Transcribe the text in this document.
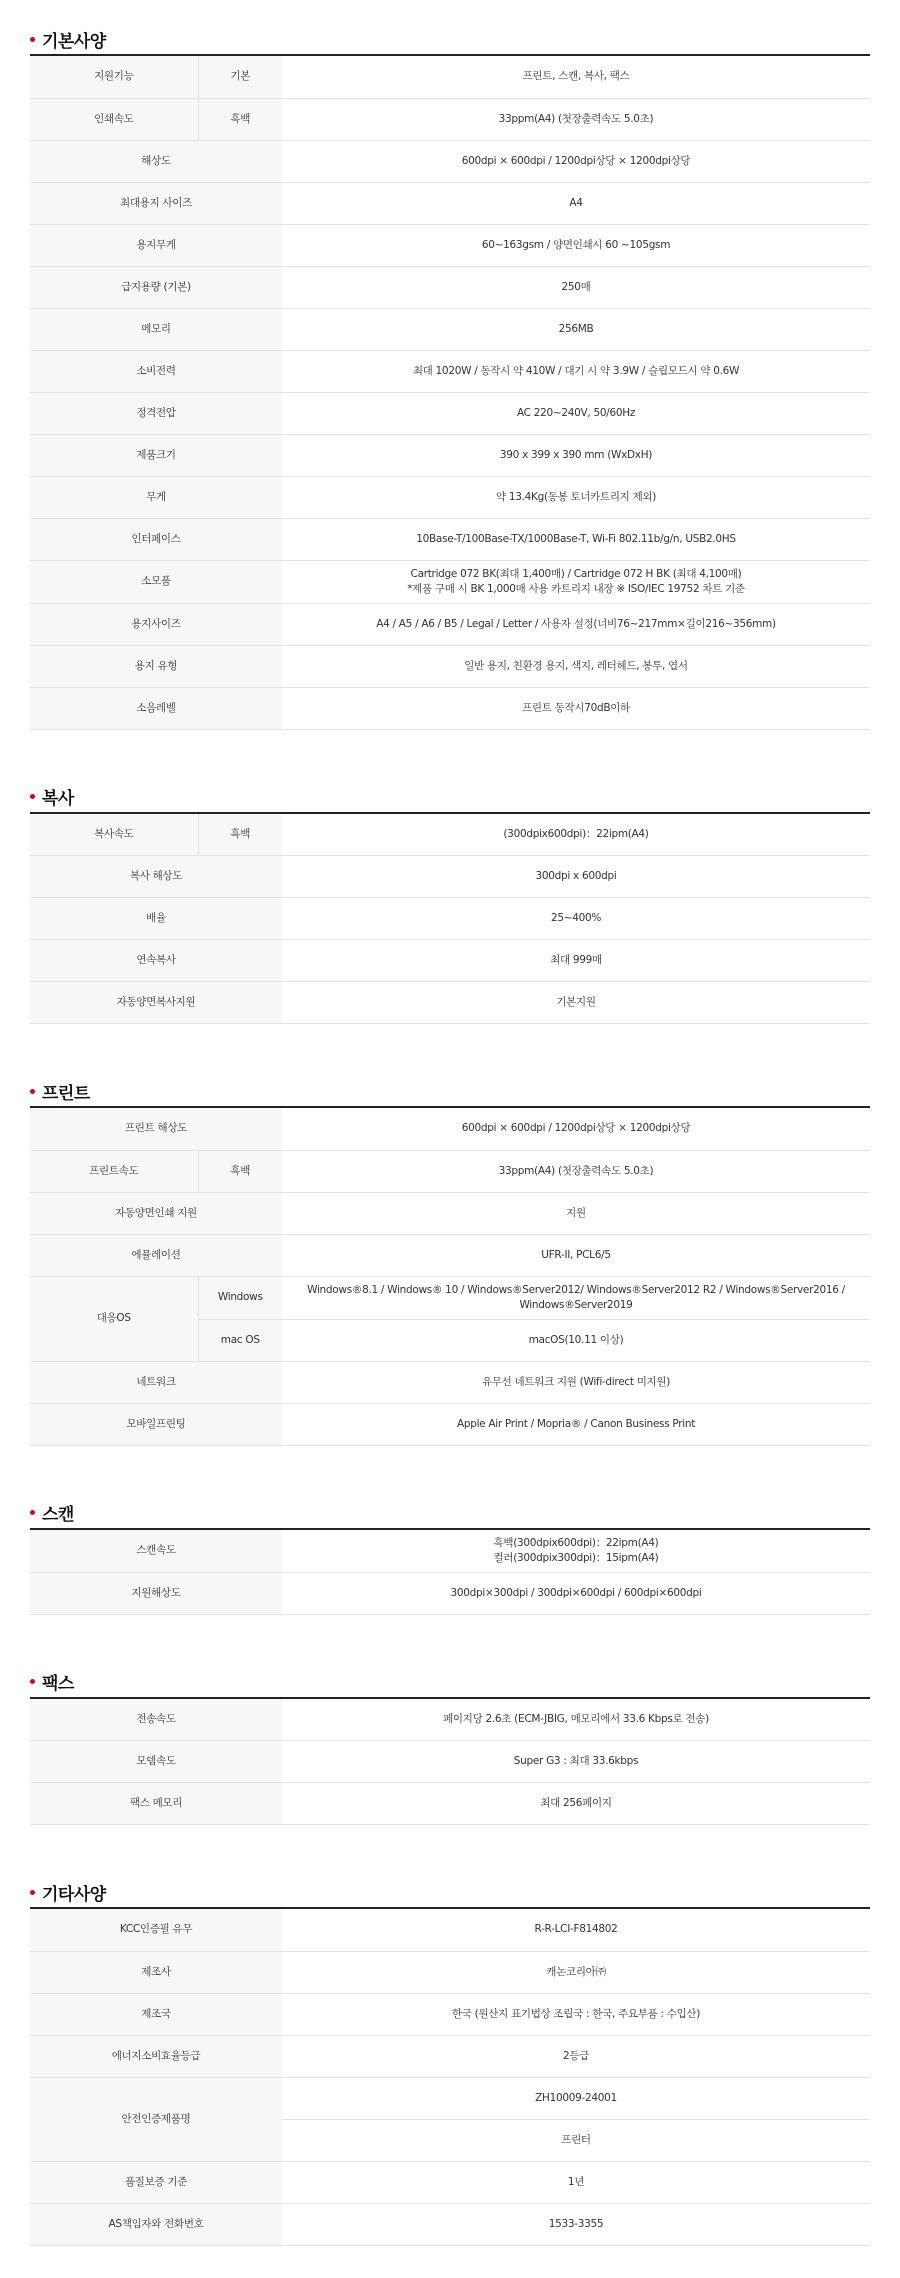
기본사양
지원기능	기본	프린트, 스캔, 복사, 팩스

인쇄속도	흑백	33ppm(A4) (첫장출력속도 5.0초)

해상도		600dpi × 600dpi / 1200dpi상당 × 1200dpi상당

최대용지 사이즈		A4

용지무게		60~163gsm / 양면인쇄시 60 ~105gsm

급지용량 (기본)		250매

메모리		256MB

소비전력		최대 1020W / 동작시 약 410W / 대기 시 약 3.9W / 슬립모드시 약 0.6W

정격전압		AC 220~240V, 50/60Hz

제품크기		390 x 399 x 390 mm (WxDxH)

무게		약 13.4Kg(동봉 토너카트리지 제외)

인터페이스		10Base-T/100Base-TX/1000Base-T, Wi-Fi 802.11b/g/n, USB2.0HS

소모품		Cartridge 072 BK(최대 1,400매) / Cartridge 072 H BK (최대 4,100매)
*제품 구매 시 BK 1,000매 사용 카트리지 내장 ※ ISO/IEC 19752 차트 기준

용지사이즈		A4 / A5 / A6 / B5 / Legal / Letter / 사용자 설정(너비76~217mm×길이216~356mm)

용지 유형		일반 용지, 친환경 용지, 색지, 레터헤드, 봉투, 엽서

소음레벨		프린트 동작시70dB이하
복사
복사속도	흑백	(300dpix600dpi)：22ipm(A4)

복사 해상도		300dpi x 600dpi

배율		25~400%

연속복사		최대 999매

자동양면복사지원		기본지원
프린트
프린트 해상도		600dpi × 600dpi / 1200dpi상당 × 1200dpi상당

프린트속도	흑백	33ppm(A4) (첫장출력속도 5.0초)

자동양면인쇄 지원		지원

에뮬레이션		UFR-II, PCL6/5

대응OS	Windows	Windows®8.1 / Windows® 10 / Windows®Server2012/ Windows®Server2012 R2 / Windows®Server2016 / Windows®Server2019

	mac OS	macOS(10.11 이상)

네트워크		유무선 네트워크 지원 (Wifi-direct 미지원)

모바일프린팅		Apple Air Print / Mopria® / Canon Business Print
스캔
스캔속도	흑백(300dpix600dpi)：22ipm(A4)
컬러(300dpix300dpi)：15ipm(A4)

지원해상도	300dpi×300dpi / 300dpi×600dpi / 600dpi×600dpi
팩스
전송속도	페이지당 2.6초 (ECM-JBIG, 메모리에서 33.6 Kbps로 전송)

모뎀속도	Super G3 : 최대 33.6kbps

팩스 메모리	최대 256페이지
기타사양
KCC인증필 유무	R-R-LCI-F814802

제조사	캐논코리아㈜

제조국	한국 (원산지 표기법상 조립국 : 한국, 주요부품 : 수입산)

에너지소비효율등급	2등급

안전인증제품명	ZH10009-24001

	프린터

품질보증 기준	1년

AS책임자와 전화번호	1533-3355
